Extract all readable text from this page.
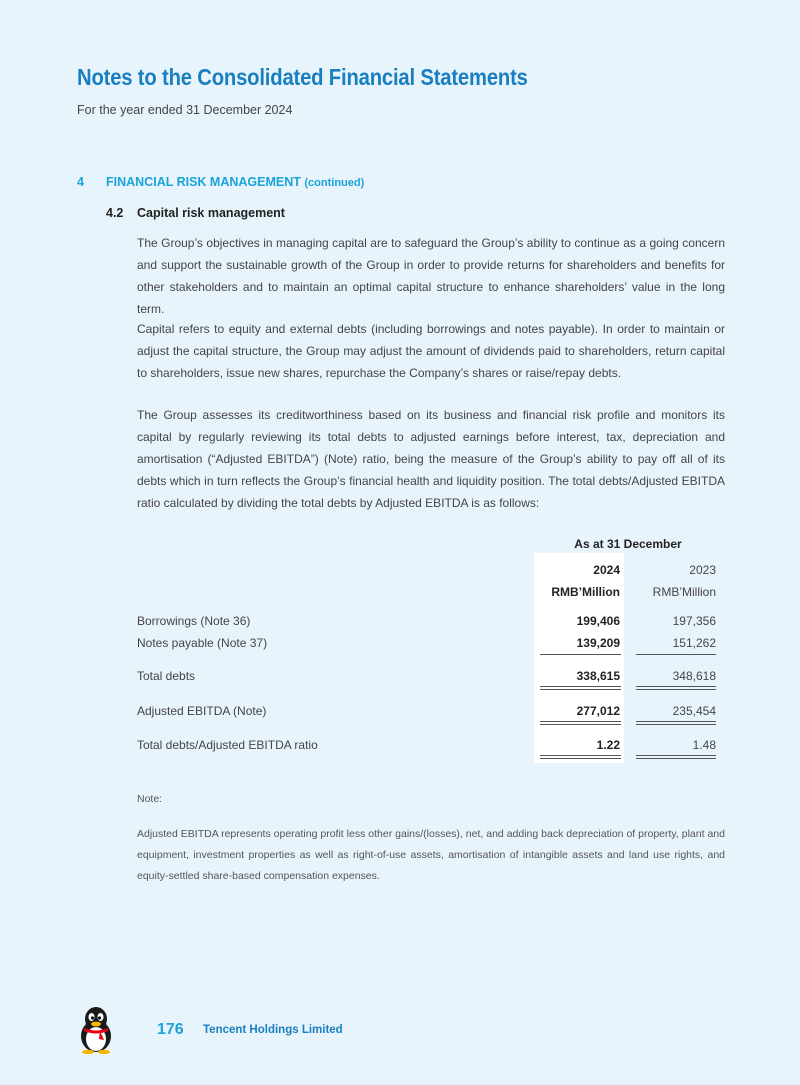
Notes to the Consolidated Financial Statements
For the year ended 31 December 2024
4 FINANCIAL RISK MANAGEMENT (continued)
4.2 Capital risk management

The Group’s objectives in managing capital are to safeguard the Group’s ability to continue as a going concern and support the sustainable growth of the Group in order to provide returns for shareholders and benefits for other stakeholders and to maintain an optimal capital structure to enhance shareholders’ value in the long term.

Capital refers to equity and external debts (including borrowings and notes payable). In order to maintain or adjust the capital structure, the Group may adjust the amount of dividends paid to shareholders, return capital to shareholders, issue new shares, repurchase the Company’s shares or raise/repay debts.

The Group assesses its creditworthiness based on its business and financial risk profile and monitors its capital by regularly reviewing its total debts to adjusted earnings before interest, tax, depreciation and amortisation (“Adjusted EBITDA”) (Note) ratio, being the measure of the Group’s ability to pay off all of its debts which in turn reflects the Group’s financial health and liquidity position. The total debts/Adjusted EBITDA ratio calculated by dividing the total debts by Adjusted EBITDA is as follows:

As at 31 December
2024	2023
RMB’Million	RMB’Million
Borrowings (Note 36)	199,406	197,356
Notes payable (Note 37)	139,209	151,262
Total debts	338,615	348,618
Adjusted EBITDA (Note)	277,012	235,454
Total debts/Adjusted EBITDA ratio	1.22	1.48
Note:

Adjusted EBITDA represents operating profit less other gains/(losses), net, and adding back depreciation of property, plant and equipment, investment properties as well as right-of-use assets, amortisation of intangible assets and land use rights, and equity-settled share-based compensation expenses.

176 Tencent Holdings Limited
